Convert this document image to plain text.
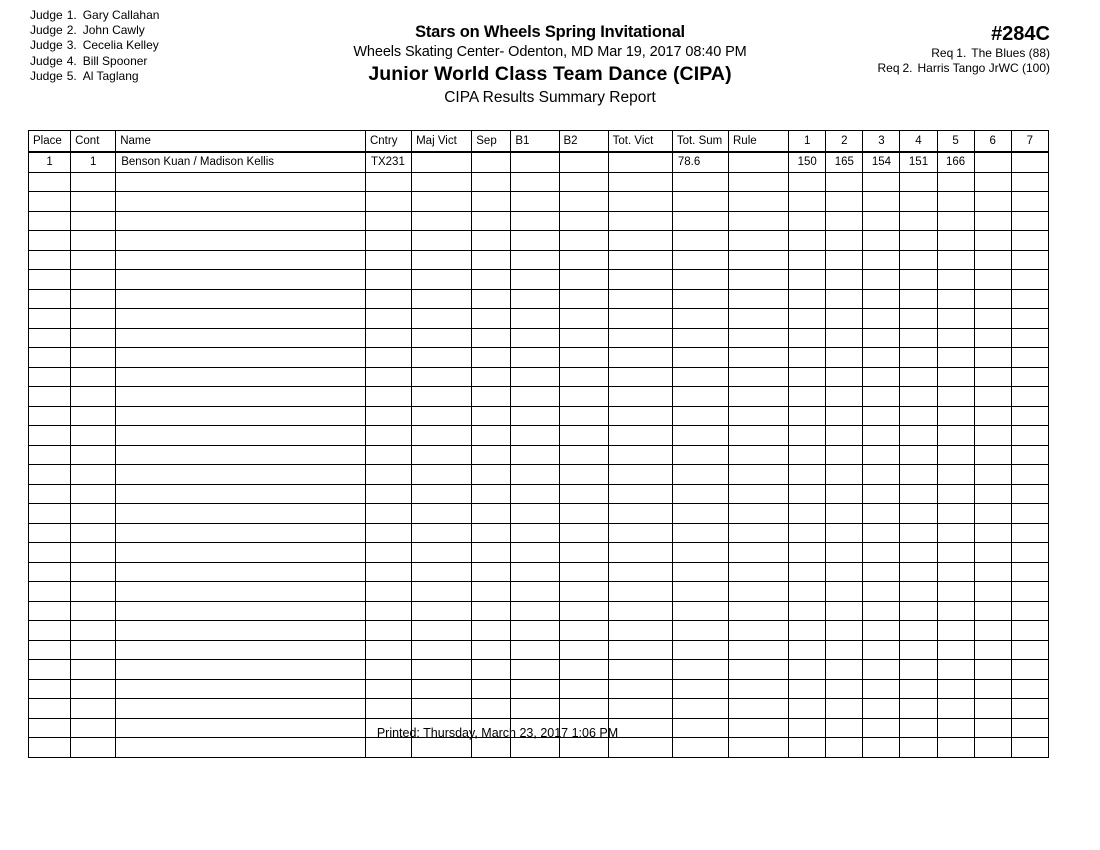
Judge 1. Gary Callahan
Judge 2. John Cawly
Judge 3. Cecelia Kelley
Judge 4. Bill Spooner
Judge 5. Al Taglang
Stars on Wheels Spring Invitational
Wheels Skating Center- Odenton, MD Mar 19, 2017 08:40 PM
Junior World Class Team Dance (CIPA)
CIPA Results Summary Report
#284C
Req 1. The Blues (88)
Req 2. Harris Tango JrWC (100)
Place	Cont	Name	Cntry	Maj Vict	Sep	B1	B2	Tot. Vict	Tot. Sum	Rule	1	2	3	4	5	6	7
1	1	Benson Kuan / Madison Kellis	TX231						78.6		150	165	154	151	166		

Printed: Thursday, March 23, 2017 1:06 PM
